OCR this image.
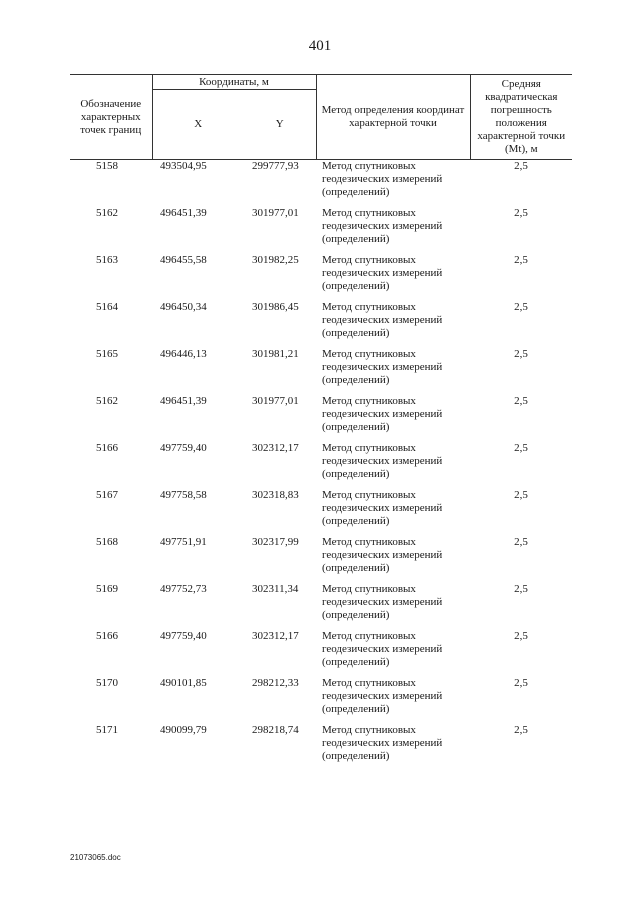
401
Обозначение характерных точек границ	Координаты, м		Метод определения координат характерной точки	Средняя квадратическая погрешность положения характерной точки (Mt), м
	X	Y		
5158	493504,95	299777,93	Метод спутниковых геодезических измерений (определений)	2,5
5162	496451,39	301977,01	Метод спутниковых геодезических измерений (определений)	2,5
5163	496455,58	301982,25	Метод спутниковых геодезических измерений (определений)	2,5
5164	496450,34	301986,45	Метод спутниковых геодезических измерений (определений)	2,5
5165	496446,13	301981,21	Метод спутниковых геодезических измерений (определений)	2,5
5162	496451,39	301977,01	Метод спутниковых геодезических измерений (определений)	2,5
5166	497759,40	302312,17	Метод спутниковых геодезических измерений (определений)	2,5
5167	497758,58	302318,83	Метод спутниковых геодезических измерений (определений)	2,5
5168	497751,91	302317,99	Метод спутниковых геодезических измерений (определений)	2,5
5169	497752,73	302311,34	Метод спутниковых геодезических измерений (определений)	2,5
5166	497759,40	302312,17	Метод спутниковых геодезических измерений (определений)	2,5
5170	490101,85	298212,33	Метод спутниковых геодезических измерений (определений)	2,5
5171	490099,79	298218,74	Метод спутниковых геодезических измерений (определений)	2,5
21073065.doc
